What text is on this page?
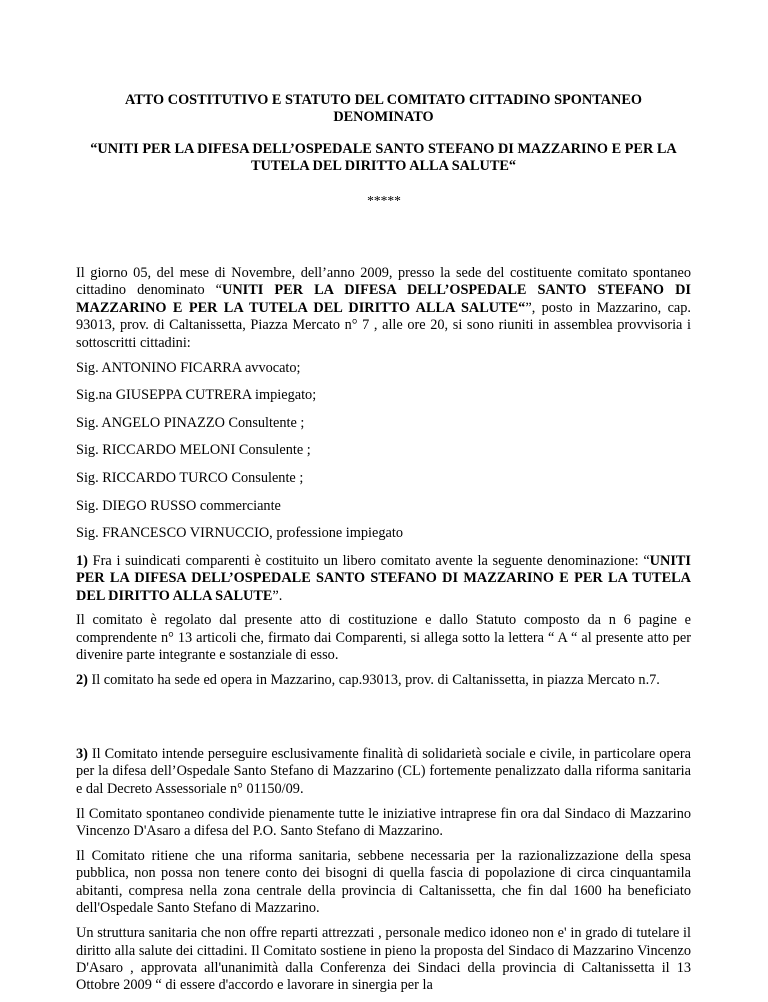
ATTO COSTITUTIVO E STATUTO DEL COMITATO CITTADINO SPONTANEO DENOMINATO

“UNITI PER LA DIFESA DELL’OSPEDALE SANTO STEFANO DI MAZZARINO E PER LA TUTELA DEL DIRITTO ALLA SALUTE“

*****

Il giorno 05, del mese di Novembre, dell’anno 2009, presso la sede del costituente comitato spontaneo cittadino denominato “UNITI PER LA DIFESA DELL’OSPEDALE SANTO STEFANO DI MAZZARINO E PER LA TUTELA DEL DIRITTO ALLA SALUTE“”, posto in Mazzarino, cap. 93013, prov. di Caltanissetta, Piazza Mercato n° 7 , alle ore 20, si sono riuniti in assemblea provvisoria i sottoscritti cittadini:

Sig. ANTONINO FICARRA avvocato;

Sig.na GIUSEPPA CUTRERA impiegato;

Sig. ANGELO PINAZZO Consultente ;

Sig. RICCARDO MELONI Consulente ;

Sig. RICCARDO TURCO Consulente ;

Sig. DIEGO RUSSO commerciante

Sig. FRANCESCO VIRNUCCIO, professione impiegato

1) Fra i suindicati comparenti è costituito un libero comitato avente la seguente denominazione: “UNITI PER LA DIFESA DELL’OSPEDALE SANTO STEFANO DI MAZZARINO E PER LA TUTELA DEL DIRITTO ALLA SALUTE”.

Il comitato è regolato dal presente atto di costituzione e dallo Statuto composto da n 6 pagine e comprendente n° 13 articoli che, firmato dai Comparenti, si allega sotto la lettera “ A “ al presente atto per divenire parte integrante e sostanziale di esso.

2) Il comitato ha sede ed opera in Mazzarino, cap.93013, prov. di Caltanissetta, in piazza Mercato n.7.

3) Il Comitato intende perseguire esclusivamente finalità di solidarietà sociale e civile, in particolare opera per la difesa dell’Ospedale Santo Stefano di Mazzarino (CL) fortemente penalizzato dalla riforma sanitaria e dal Decreto Assessoriale n° 01150/09.

Il Comitato spontaneo condivide pienamente tutte le iniziative intraprese fin ora dal Sindaco di Mazzarino Vincenzo D'Asaro a difesa del P.O. Santo Stefano di Mazzarino.

Il Comitato ritiene che una riforma sanitaria, sebbene necessaria per la razionalizzazione della spesa pubblica, non possa non tenere conto dei bisogni di quella fascia di popolazione di circa cinquantamila abitanti, compresa nella zona centrale della provincia di Caltanissetta, che fin dal 1600 ha beneficiato dell'Ospedale Santo Stefano di Mazzarino.

Un struttura sanitaria che non offre reparti attrezzati , personale medico idoneo non e' in grado di tutelare il diritto alla salute dei cittadini. Il Comitato sostiene in pieno la proposta del Sindaco di Mazzarino Vincenzo D'Asaro , approvata all'unanimità dalla Conferenza dei Sindaci della provincia di Caltanissetta il 13 Ottobre 2009 “ di essere d'accordo e lavorare in sinergia per la
